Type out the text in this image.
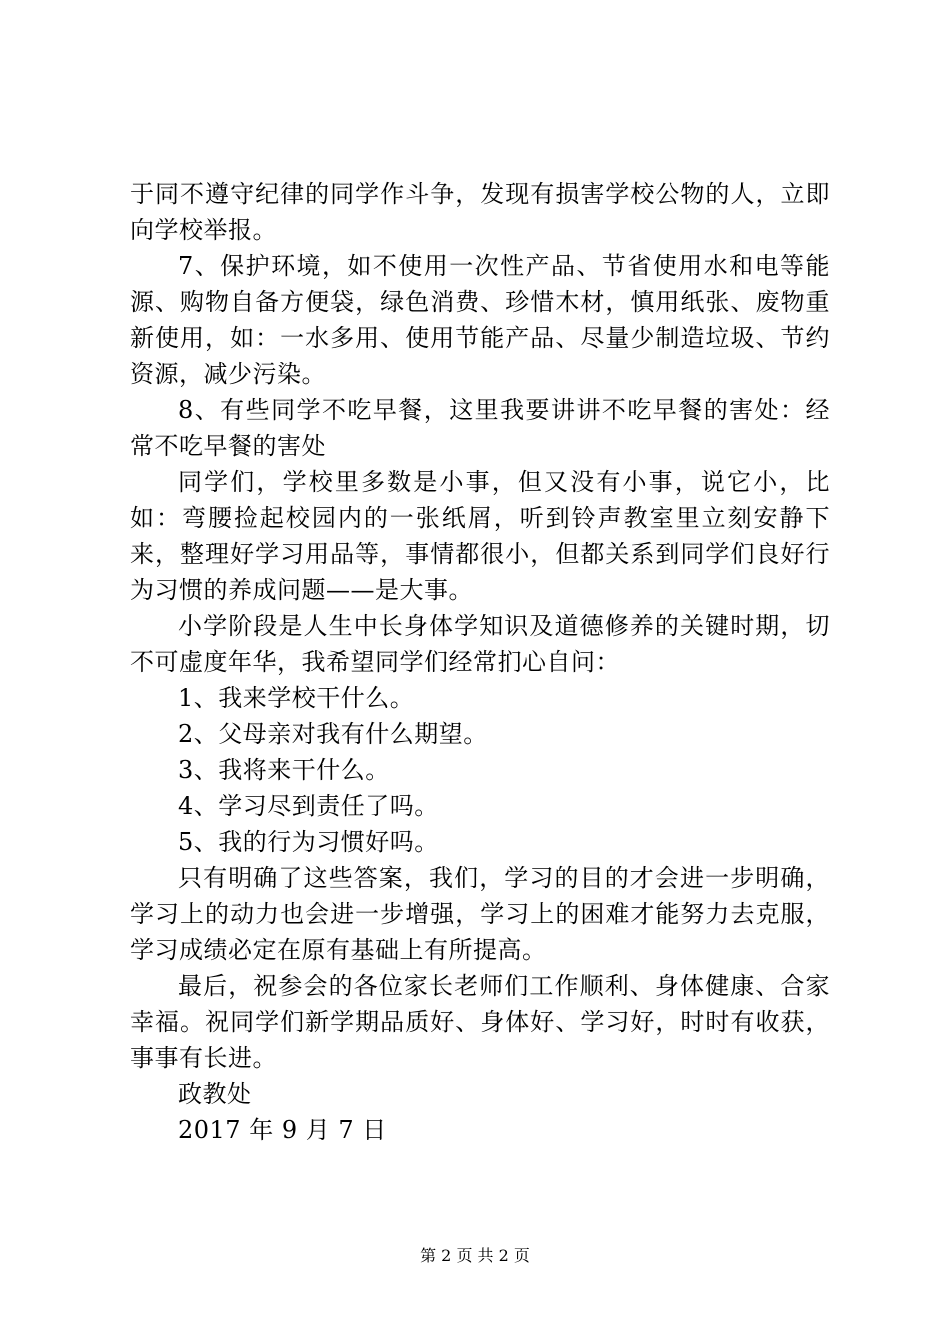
于同不遵守纪律的同学作斗争，发现有损害学校公物的人，立即向学校举报。

7、保护环境，如不使用一次性产品、节省使用水和电等能源、购物自备方便袋，绿色消费、珍惜木材，慎用纸张、废物重新使用，如：一水多用、使用节能产品、尽量少制造垃圾、节约资源，减少污染。

8、有些同学不吃早餐，这里我要讲讲不吃早餐的害处：经常不吃早餐的害处

同学们，学校里多数是小事，但又没有小事，说它小，比如：弯腰捡起校园内的一张纸屑，听到铃声教室里立刻安静下来，整理好学习用品等，事情都很小，但都关系到同学们良好行为习惯的养成问题——是大事。

小学阶段是人生中长身体学知识及道德修养的关键时期，切不可虚度年华，我希望同学们经常扪心自问：

1、我来学校干什么。

2、父母亲对我有什么期望。

3、我将来干什么。

4、学习尽到责任了吗。

5、我的行为习惯好吗。

只有明确了这些答案，我们，学习的目的才会进一步明确，学习上的动力也会进一步增强，学习上的困难才能努力去克服，学习成绩必定在原有基础上有所提高。

最后，祝参会的各位家长老师们工作顺利、身体健康、合家幸福。祝同学们新学期品质好、身体好、学习好，时时有收获，事事有长进。

政教处

2017 年 9 月 7 日

第 2 页 共 2 页
